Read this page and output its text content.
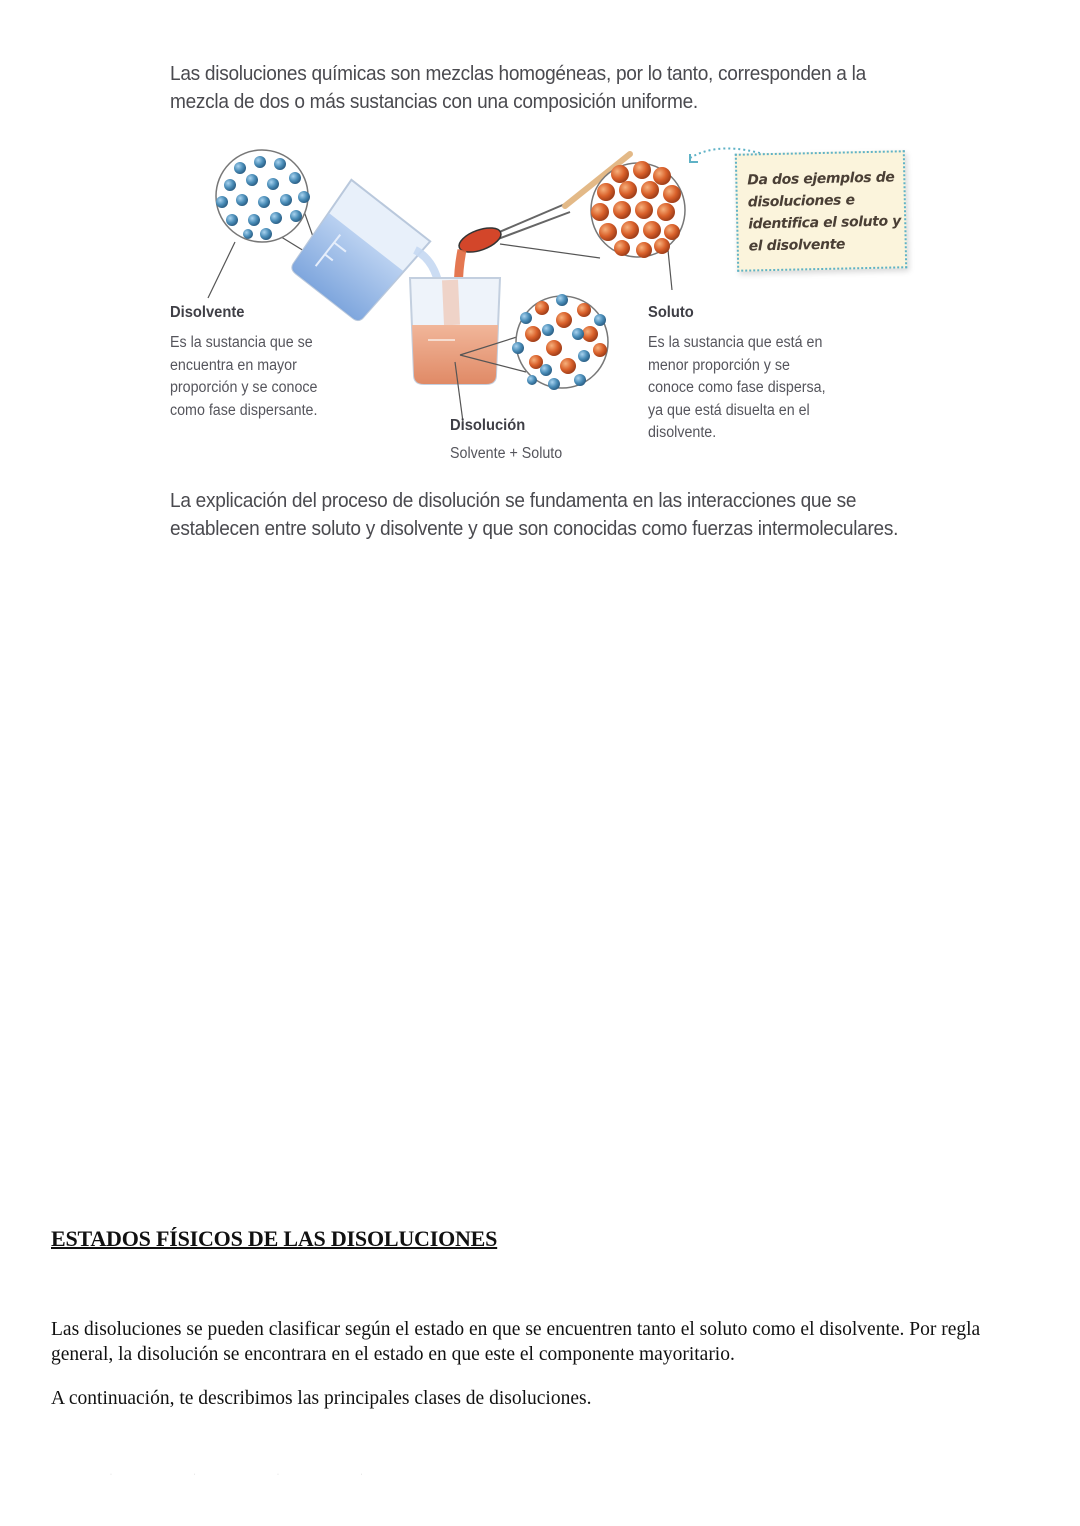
Las disoluciones químicas son mezclas homogéneas, por lo tanto, corresponden a la mezcla de dos o más sustancias con una composición uniforme.

Disolvente
Es la sustancia que se encuentra en mayor proporción y se conoce como fase dispersante.
Disolución
Solvente + Soluto
Soluto
Es la sustancia que está en menor proporción y se conoce como fase dispersa, ya que está disuelta en el disolvente.
Da dos ejemplos de disoluciones e identifica el soluto y el disolvente

La explicación del proceso de disolución se fundamenta en las interacciones que se establecen entre soluto y disolvente y que son conocidas como fuerzas intermoleculares.

ESTADOS FÍSICOS DE LAS DISOLUCIONES

Las disoluciones se pueden clasificar según el estado en que se encuentren tanto el soluto como el disolvente. Por regla general, la disolución se encontrara en el estado en que este el componente mayoritario.

A continuación, te describimos las principales clases de disoluciones.

· · · ·
